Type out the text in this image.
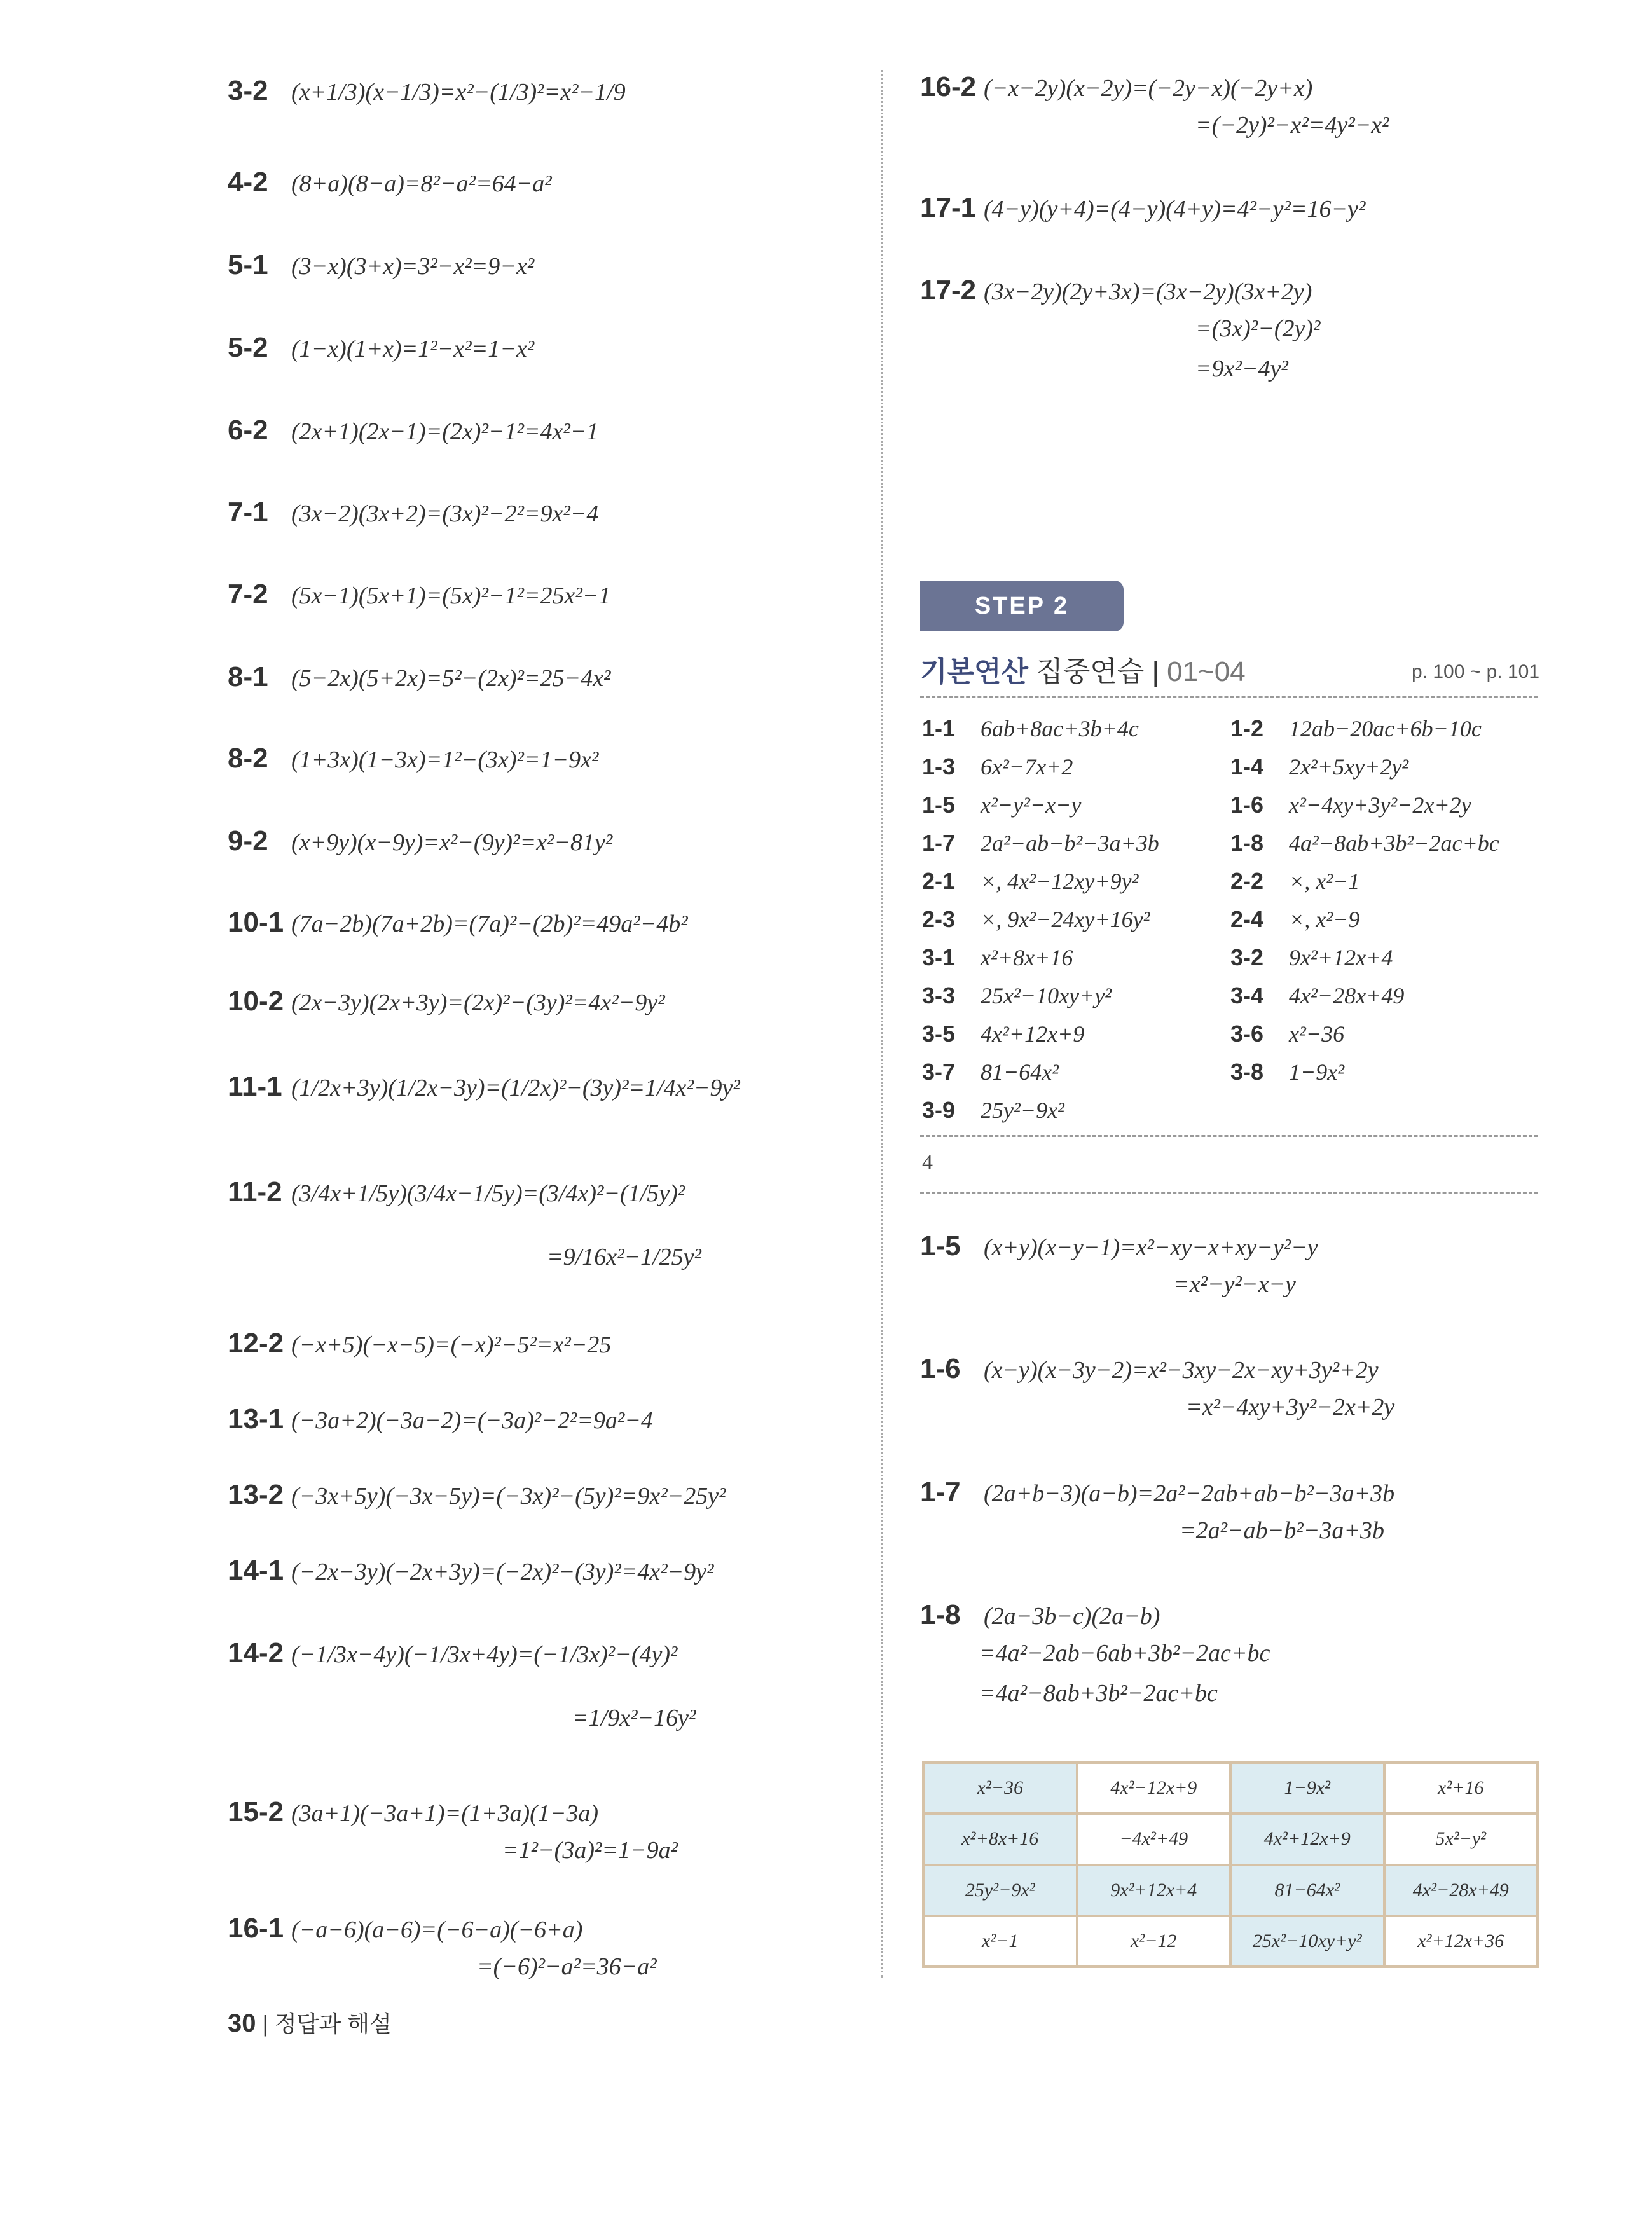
3-2 (x+1/3)(x−1/3)=x²−(1/3)²=x²−1/9
4-2 (8+a)(8−a)=8²−a²=64−a²
5-1 (3−x)(3+x)=3²−x²=9−x²
5-2 (1−x)(1+x)=1²−x²=1−x²
6-2 (2x+1)(2x−1)=(2x)²−1²=4x²−1
7-1 (3x−2)(3x+2)=(3x)²−2²=9x²−4
7-2 (5x−1)(5x+1)=(5x)²−1²=25x²−1
8-1 (5−2x)(5+2x)=5²−(2x)²=25−4x²
8-2 (1+3x)(1−3x)=1²−(3x)²=1−9x²
9-2 (x+9y)(x−9y)=x²−(9y)²=x²−81y²
10-1 (7a−2b)(7a+2b)=(7a)²−(2b)²=49a²−4b²
10-2 (2x−3y)(2x+3y)=(2x)²−(3y)²=4x²−9y²
11-1 (1/2x+3y)(1/2x−3y)=(1/2x)²−(3y)²=1/4x²−9y²
11-2 (3/4x+1/5y)(3/4x−1/5y)=(3/4x)²−(1/5y)²
=9/16x²−1/25y²
12-2 (−x+5)(−x−5)=(−x)²−5²=x²−25
13-1 (−3a+2)(−3a−2)=(−3a)²−2²=9a²−4
13-2 (−3x+5y)(−3x−5y)=(−3x)²−(5y)²=9x²−25y²
14-1 (−2x−3y)(−2x+3y)=(−2x)²−(3y)²=4x²−9y²
14-2 (−1/3x−4y)(−1/3x+4y)=(−1/3x)²−(4y)²
=1/9x²−16y²
15-2 (3a+1)(−3a+1)=(1+3a)(1−3a)
=1²−(3a)²=1−9a²
16-1 (−a−6)(a−6)=(−6−a)(−6+a)
=(−6)²−a²=36−a²
16-2 (−x−2y)(x−2y)=(−2y−x)(−2y+x)
=(−2y)²−x²=4y²−x²
17-1 (4−y)(y+4)=(4−y)(4+y)=4²−y²=16−y²
17-2 (3x−2y)(2y+3x)=(3x−2y)(3x+2y)
=(3x)²−(2y)²
=9x²−4y²
STEP 2
기본연산 집중연습 | 01~04	p. 100 ~ p. 101
1-1	6ab+8ac+3b+4c	1-2	12ab−20ac+6b−10c
1-3	6x²−7x+2	1-4	2x²+5xy+2y²
1-5	x²−y²−x−y	1-6	x²−4xy+3y²−2x+2y
1-7	2a²−ab−b²−3a+3b	1-8	4a²−8ab+3b²−2ac+bc
2-1	×, 4x²−12xy+9y²	2-2	×, x²−1
2-3	×, 9x²−24xy+16y²	2-4	×, x²−9
3-1	x²+8x+16	3-2	9x²+12x+4
3-3	25x²−10xy+y²	3-4	4x²−28x+49
3-5	4x²+12x+9	3-6	x²−36
3-7	81−64x²	3-8	1−9x²
3-9	25y²−9x²
4
1-5 (x+y)(x−y−1)=x²−xy−x+xy−y²−y
=x²−y²−x−y
1-6 (x−y)(x−3y−2)=x²−3xy−2x−xy+3y²+2y
=x²−4xy+3y²−2x+2y
1-7 (2a+b−3)(a−b)=2a²−2ab+ab−b²−3a+3b
=2a²−ab−b²−3a+3b
1-8 (2a−3b−c)(2a−b)
=4a²−2ab−6ab+3b²−2ac+bc
=4a²−8ab+3b²−2ac+bc
x²−36	4x²−12x+9	1−9x²	x²+16
x²+8x+16	−4x²+49	4x²+12x+9	5x²−y²
25y²−9x²	9x²+12x+4	81−64x²	4x²−28x+49
x²−1	x²−12	25x²−10xy+y²	x²+12x+36
30 | 정답과 해설
